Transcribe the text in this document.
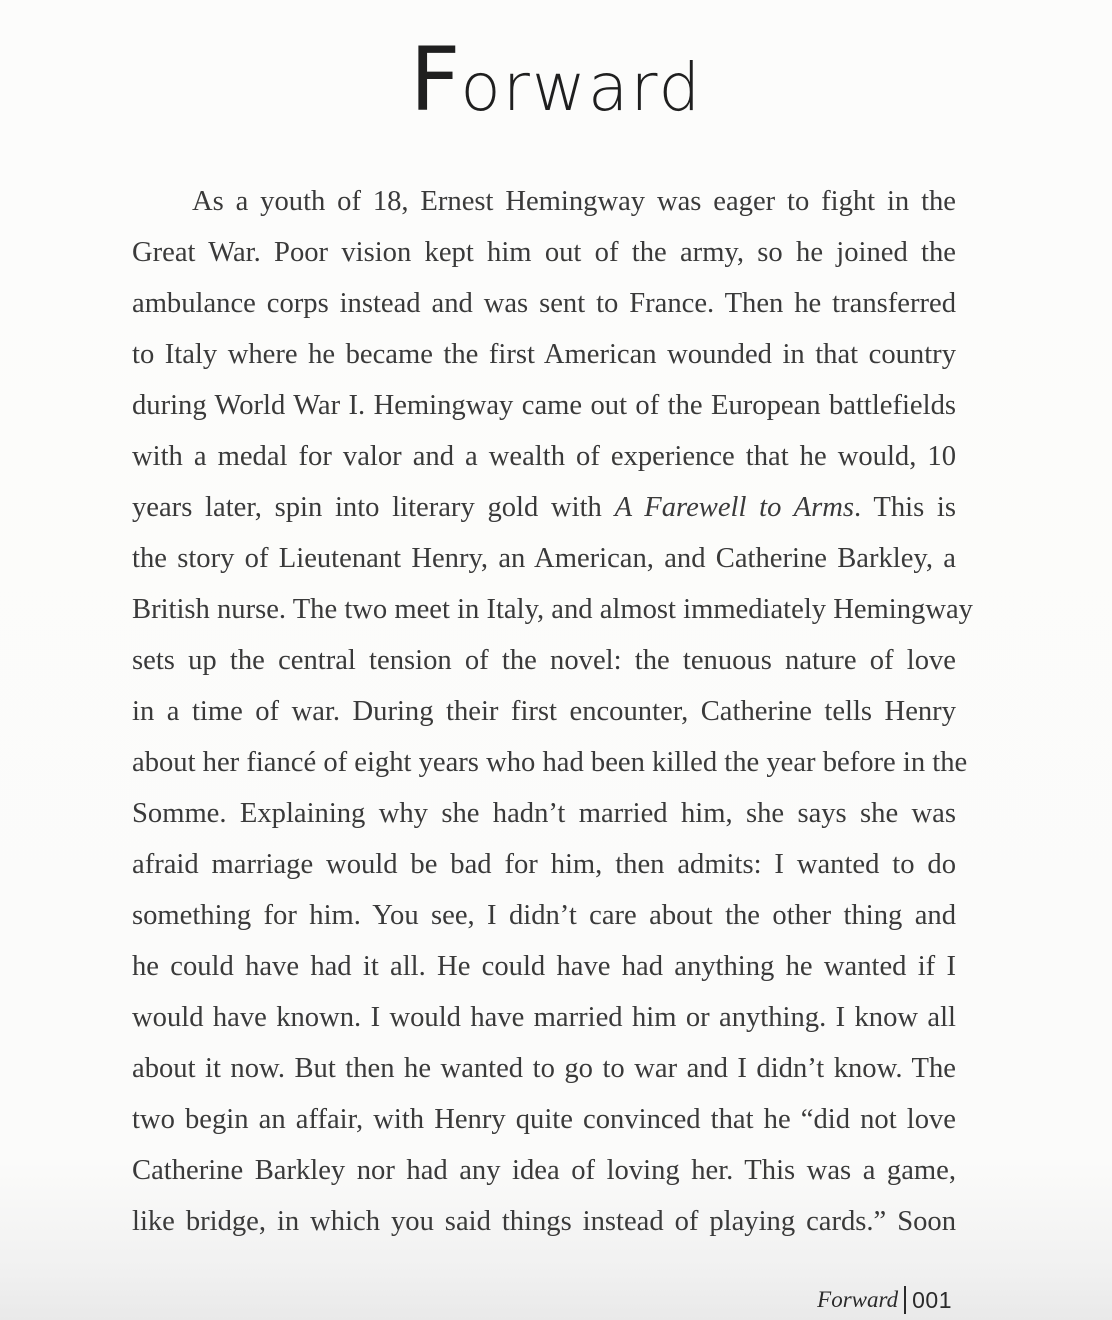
Forward
As a youth of 18, Ernest Hemingway was eager to fight in the
Great War. Poor vision kept him out of the army, so he joined the
ambulance corps instead and was sent to France. Then he transferred
to Italy where he became the first American wounded in that country
during World War I. Hemingway came out of the European battlefields
with a medal for valor and a wealth of experience that he would, 10
years later, spin into literary gold with A Farewell to Arms. This is
the story of Lieutenant Henry, an American, and Catherine Barkley, a
British nurse. The two meet in Italy, and almost immediately Hemingway
sets up the central tension of the novel: the tenuous nature of love
in a time of war. During their first encounter, Catherine tells Henry
about her fiancé of eight years who had been killed the year before in the
Somme. Explaining why she hadn’t married him, she says she was
afraid marriage would be bad for him, then admits: I wanted to do
something for him. You see, I didn’t care about the other thing and
he could have had it all. He could have had anything he wanted if I
would have known. I would have married him or anything. I know all
about it now. But then he wanted to go to war and I didn’t know. The
two begin an affair, with Henry quite convinced that he “did not love
Catherine Barkley nor had any idea of loving her. This was a game,
like bridge, in which you said things instead of playing cards.” Soon
Forward 001
